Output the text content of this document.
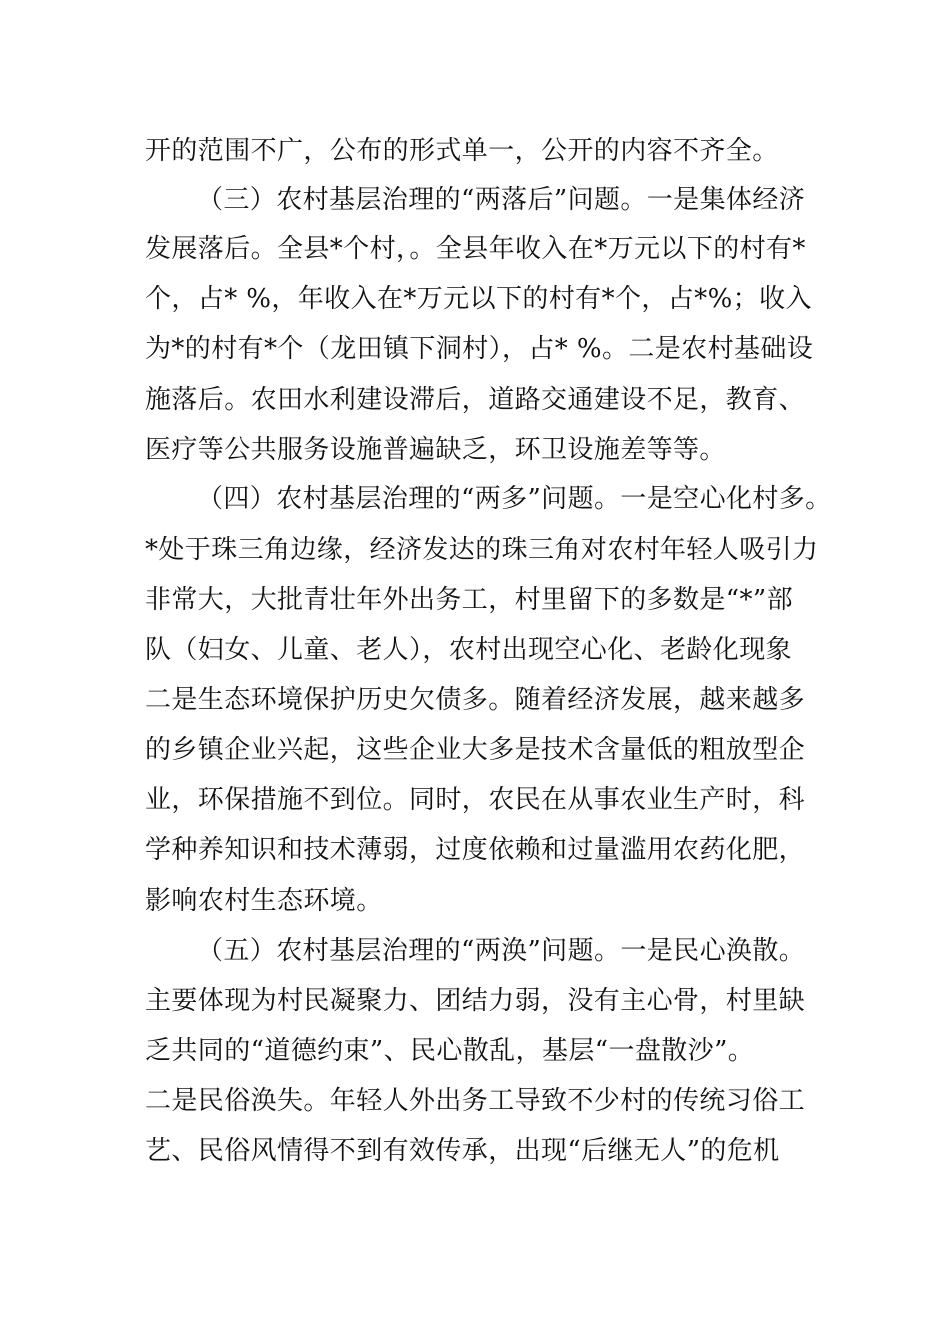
开的范围不广，公布的形式单一，公开的内容不齐全。
（三）农村基层治理的“两落后”问题。一是集体经济
发展落后。全县*个村，。全县年收入在*万元以下的村有*
个，占* %，年收入在*万元以下的村有*个，占*%；收入
为*的村有*个（龙田镇下洞村），占* %。二是农村基础设
施落后。农田水利建设滞后，道路交通建设不足，教育、
医疗等公共服务设施普遍缺乏，环卫设施差等等。
（四）农村基层治理的“两多”问题。一是空心化村多。
*处于珠三角边缘，经济发达的珠三角对农村年轻人吸引力
非常大，大批青壮年外出务工，村里留下的多数是“*”部
队（妇女、儿童、老人），农村出现空心化、老龄化现象
二是生态环境保护历史欠债多。随着经济发展，越来越多
的乡镇企业兴起，这些企业大多是技术含量低的粗放型企
业，环保措施不到位。同时，农民在从事农业生产时，科
学种养知识和技术薄弱，过度依赖和过量滥用农药化肥，
影响农村生态环境。
（五）农村基层治理的“两涣”问题。一是民心涣散。
主要体现为村民凝聚力、团结力弱，没有主心骨，村里缺
乏共同的“道德约束”、民心散乱，基层“一盘散沙”。
二是民俗涣失。年轻人外出务工导致不少村的传统习俗工
艺、民俗风情得不到有效传承，出现“后继无人”的危机
